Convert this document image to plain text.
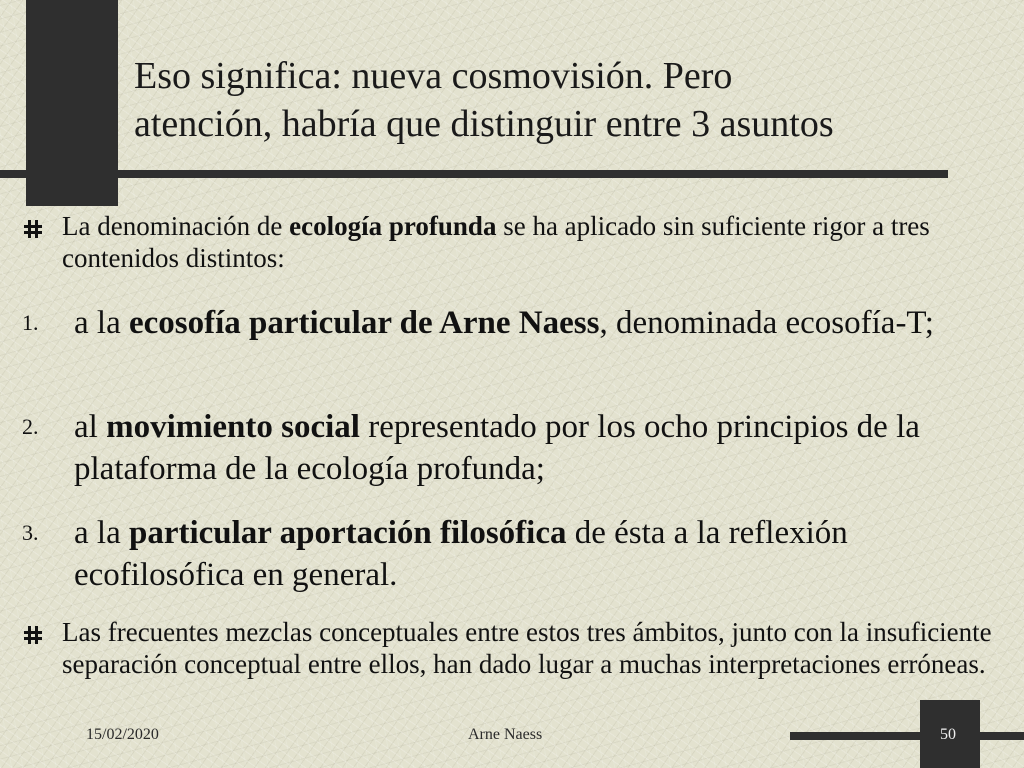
Eso significa: nueva cosmovisión. Pero
atención, habría que distinguir entre 3 asuntos
La denominación de ecología profunda se ha aplicado sin suficiente rigor a tres contenidos distintos:
1. a la ecosofía particular de Arne Naess, denominada ecosofía-T;
2. al movimiento social representado por los ocho principios de la plataforma de la ecología profunda;
3. a la particular aportación filosófica de ésta a la reflexión ecofilosófica en general.
Las frecuentes mezclas conceptuales entre estos tres ámbitos, junto con la insuficiente separación conceptual entre ellos, han dado lugar a muchas interpretaciones erróneas.
15/02/2020	Arne Naess	50
